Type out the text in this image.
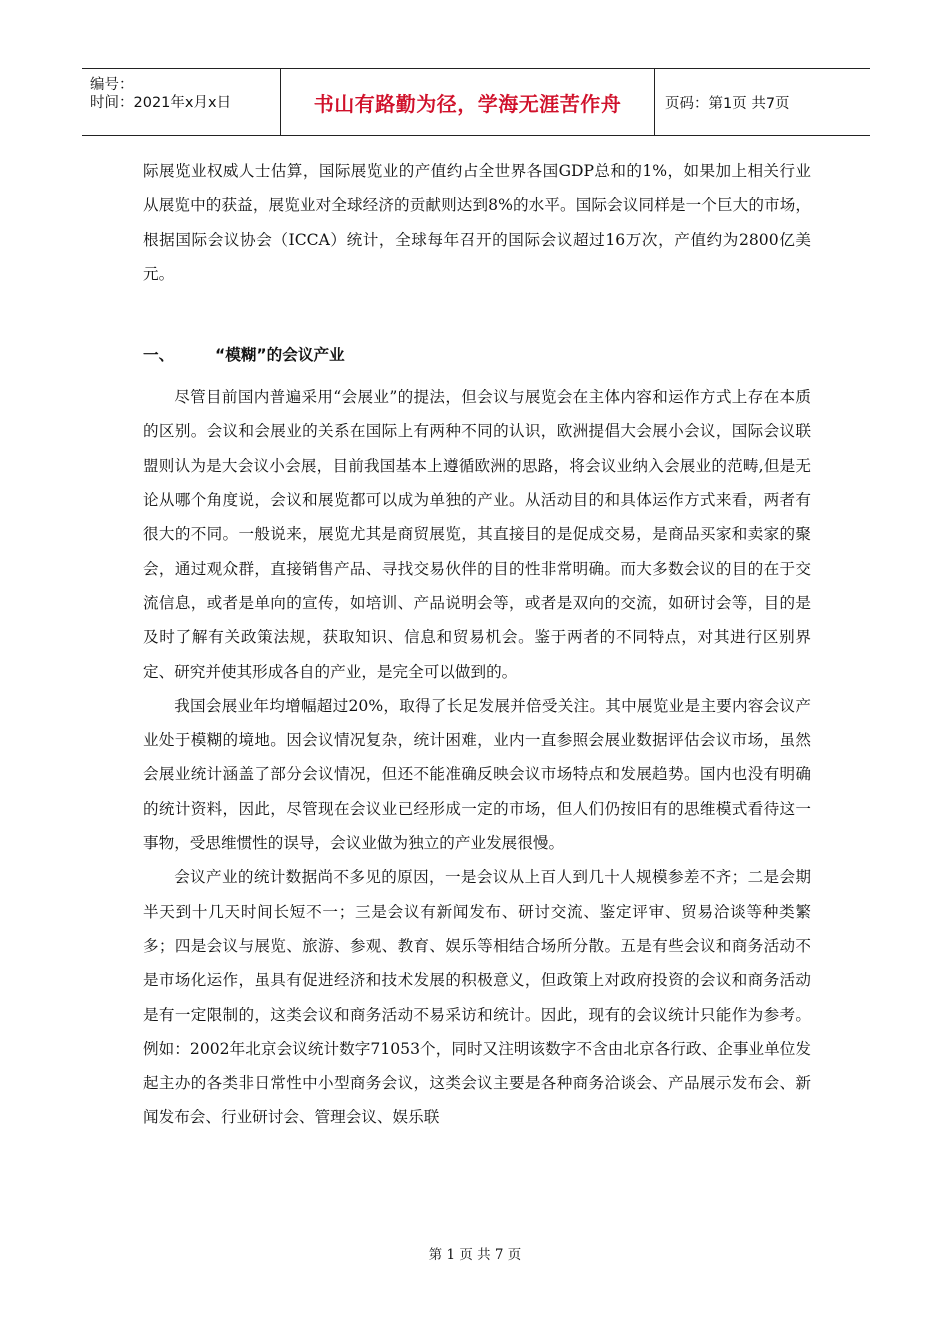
编号：
时间：2021年x月x日	书山有路勤为径，学海无涯苦作舟	页码：第1页 共7页

际展览业权威人士估算，国际展览业的产值约占全世界各国GDP总和的1%，如果加上相关行业从展览中的获益，展览业对全球经济的贡献则达到8%的水平。国际会议同样是一个巨大的市场，根据国际会议协会（ICCA）统计，全球每年召开的国际会议超过16万次，产值约为2800亿美元。

一、	“模糊”的会议产业

尽管目前国内普遍采用“会展业”的提法，但会议与展览会在主体内容和运作方式上存在本质的区别。会议和会展业的关系在国际上有两种不同的认识，欧洲提倡大会展小会议，国际会议联盟则认为是大会议小会展，目前我国基本上遵循欧洲的思路，将会议业纳入会展业的范畴,但是无论从哪个角度说，会议和展览都可以成为单独的产业。从活动目的和具体运作方式来看，两者有很大的不同。一般说来，展览尤其是商贸展览，其直接目的是促成交易，是商品买家和卖家的聚会，通过观众群，直接销售产品、寻找交易伙伴的目的性非常明确。而大多数会议的目的在于交流信息，或者是单向的宣传，如培训、产品说明会等，或者是双向的交流，如研讨会等，目的是及时了解有关政策法规，获取知识、信息和贸易机会。鉴于两者的不同特点，对其进行区别界定、研究并使其形成各自的产业，是完全可以做到的。

我国会展业年均增幅超过20%，取得了长足发展并倍受关注。其中展览业是主要内容会议产业处于模糊的境地。因会议情况复杂，统计困难，业内一直参照会展业数据评估会议市场，虽然会展业统计涵盖了部分会议情况，但还不能准确反映会议市场特点和发展趋势。国内也没有明确的统计资料，因此，尽管现在会议业已经形成一定的市场，但人们仍按旧有的思维模式看待这一事物，受思维惯性的误导，会议业做为独立的产业发展很慢。

会议产业的统计数据尚不多见的原因，一是会议从上百人到几十人规模参差不齐；二是会期半天到十几天时间长短不一；三是会议有新闻发布、研讨交流、鉴定评审、贸易洽谈等种类繁多；四是会议与展览、旅游、参观、教育、娱乐等相结合场所分散。五是有些会议和商务活动不是市场化运作，虽具有促进经济和技术发展的积极意义，但政策上对政府投资的会议和商务活动是有一定限制的，这类会议和商务活动不易采访和统计。因此，现有的会议统计只能作为参考。例如：2002年北京会议统计数字71053个，同时又注明该数字不含由北京各行政、企事业单位发起主办的各类非日常性中小型商务会议，这类会议主要是各种商务洽谈会、产品展示发布会、新闻发布会、行业研讨会、管理会议、娱乐联

第 1 页 共 7 页
